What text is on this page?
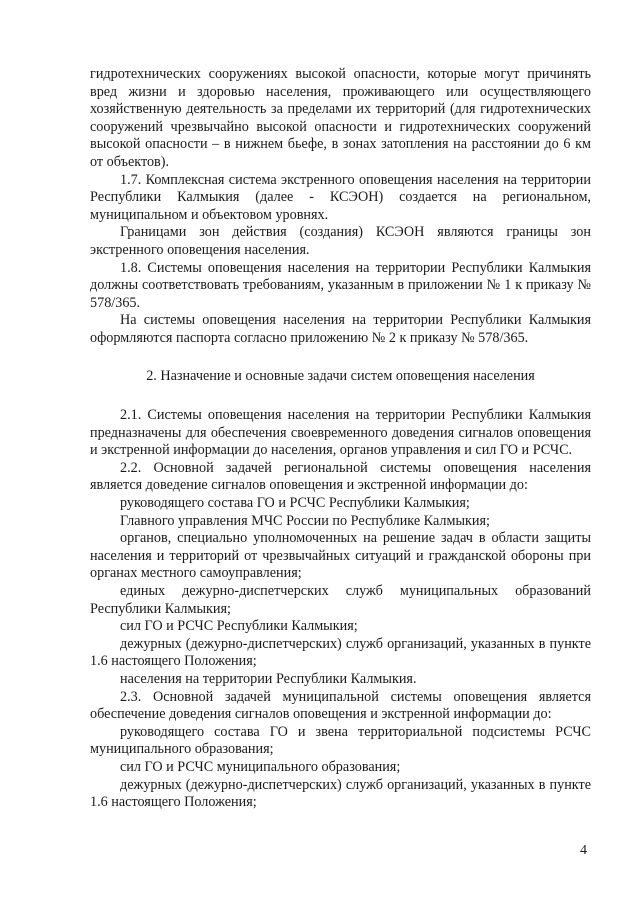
гидротехнических сооружениях высокой опасности, которые могут причинять вред жизни и здоровью населения, проживающего или осуществляющего хозяйственную деятельность за пределами их территорий (для гидротехнических сооружений чрезвычайно высокой опасности и гидротехнических сооружений высокой опасности – в нижнем бьефе, в зонах затопления на расстоянии до 6 км от объектов).

1.7. Комплексная система экстренного оповещения населения на территории Республики Калмыкия (далее - КСЭОН) создается на региональном, муниципальном и объектовом уровнях.

Границами зон действия (создания) КСЭОН являются границы зон экстренного оповещения населения.

1.8. Системы оповещения населения на территории Республики Калмыкия должны соответствовать требованиям, указанным в приложении № 1 к приказу № 578/365.

На системы оповещения населения на территории Республики Калмыкия оформляются паспорта согласно приложению № 2 к приказу № 578/365.

2. Назначение и основные задачи систем оповещения населения

2.1. Системы оповещения населения на территории Республики Калмыкия предназначены для обеспечения своевременного доведения сигналов оповещения и экстренной информации до населения, органов управления и сил ГО и РСЧС.

2.2. Основной задачей региональной системы оповещения населения является доведение сигналов оповещения и экстренной информации до:

руководящего состава ГО и РСЧС Республики Калмыкия;

Главного управления МЧС России по Республике Калмыкия;

органов, специально уполномоченных на решение задач в области защиты населения и территорий от чрезвычайных ситуаций и гражданской обороны при органах местного самоуправления;

единых дежурно-диспетчерских служб муниципальных образований Республики Калмыкия;

сил ГО и РСЧС Республики Калмыкия;

дежурных (дежурно-диспетчерских) служб организаций, указанных в пункте 1.6 настоящего Положения;

населения на территории Республики Калмыкия.

2.3. Основной задачей муниципальной системы оповещения является обеспечение доведения сигналов оповещения и экстренной информации до:

руководящего состава ГО и звена территориальной подсистемы РСЧС муниципального образования;

сил ГО и РСЧС муниципального образования;

дежурных (дежурно-диспетчерских) служб организаций, указанных в пункте 1.6 настоящего Положения;

4
